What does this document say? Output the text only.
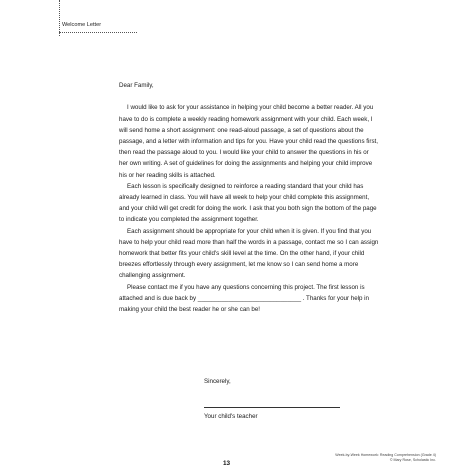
Welcome Letter

Dear Family,

I would like to ask for your assistance in helping your child become a better reader. All you have to do is complete a weekly reading homework assignment with your child. Each week, I will send home a short assignment: one read-aloud passage, a set of questions about the passage, and a letter with information and tips for you. Have your child read the questions first, then read the passage aloud to you. I would like your child to answer the questions in his or her own writing. A set of guidelines for doing the assignments and helping your child improve his or her reading skills is attached.

Each lesson is specifically designed to reinforce a reading standard that your child has already learned in class. You will have all week to help your child complete this assignment, and your child will get credit for doing the work. I ask that you both sign the bottom of the page to indicate you completed the assignment together.

Each assignment should be appropriate for your child when it is given. If you find that you have to help your child read more than half the words in a passage, contact me so I can assign homework that better fits your child's skill level at the time. On the other hand, if your child breezes effortlessly through every assignment, let me know so I can send home a more challenging assignment.

Please contact me if you have any questions concerning this project. The first lesson is attached and is due back by ______________________________ . Thanks for your help in making your child the best reader he or she can be!

Sincerely,
Your child's teacher
13
Week-by-Week Homework: Reading Comprehension (Grade 4)
© Mary Rose, Scholastic Inc.
